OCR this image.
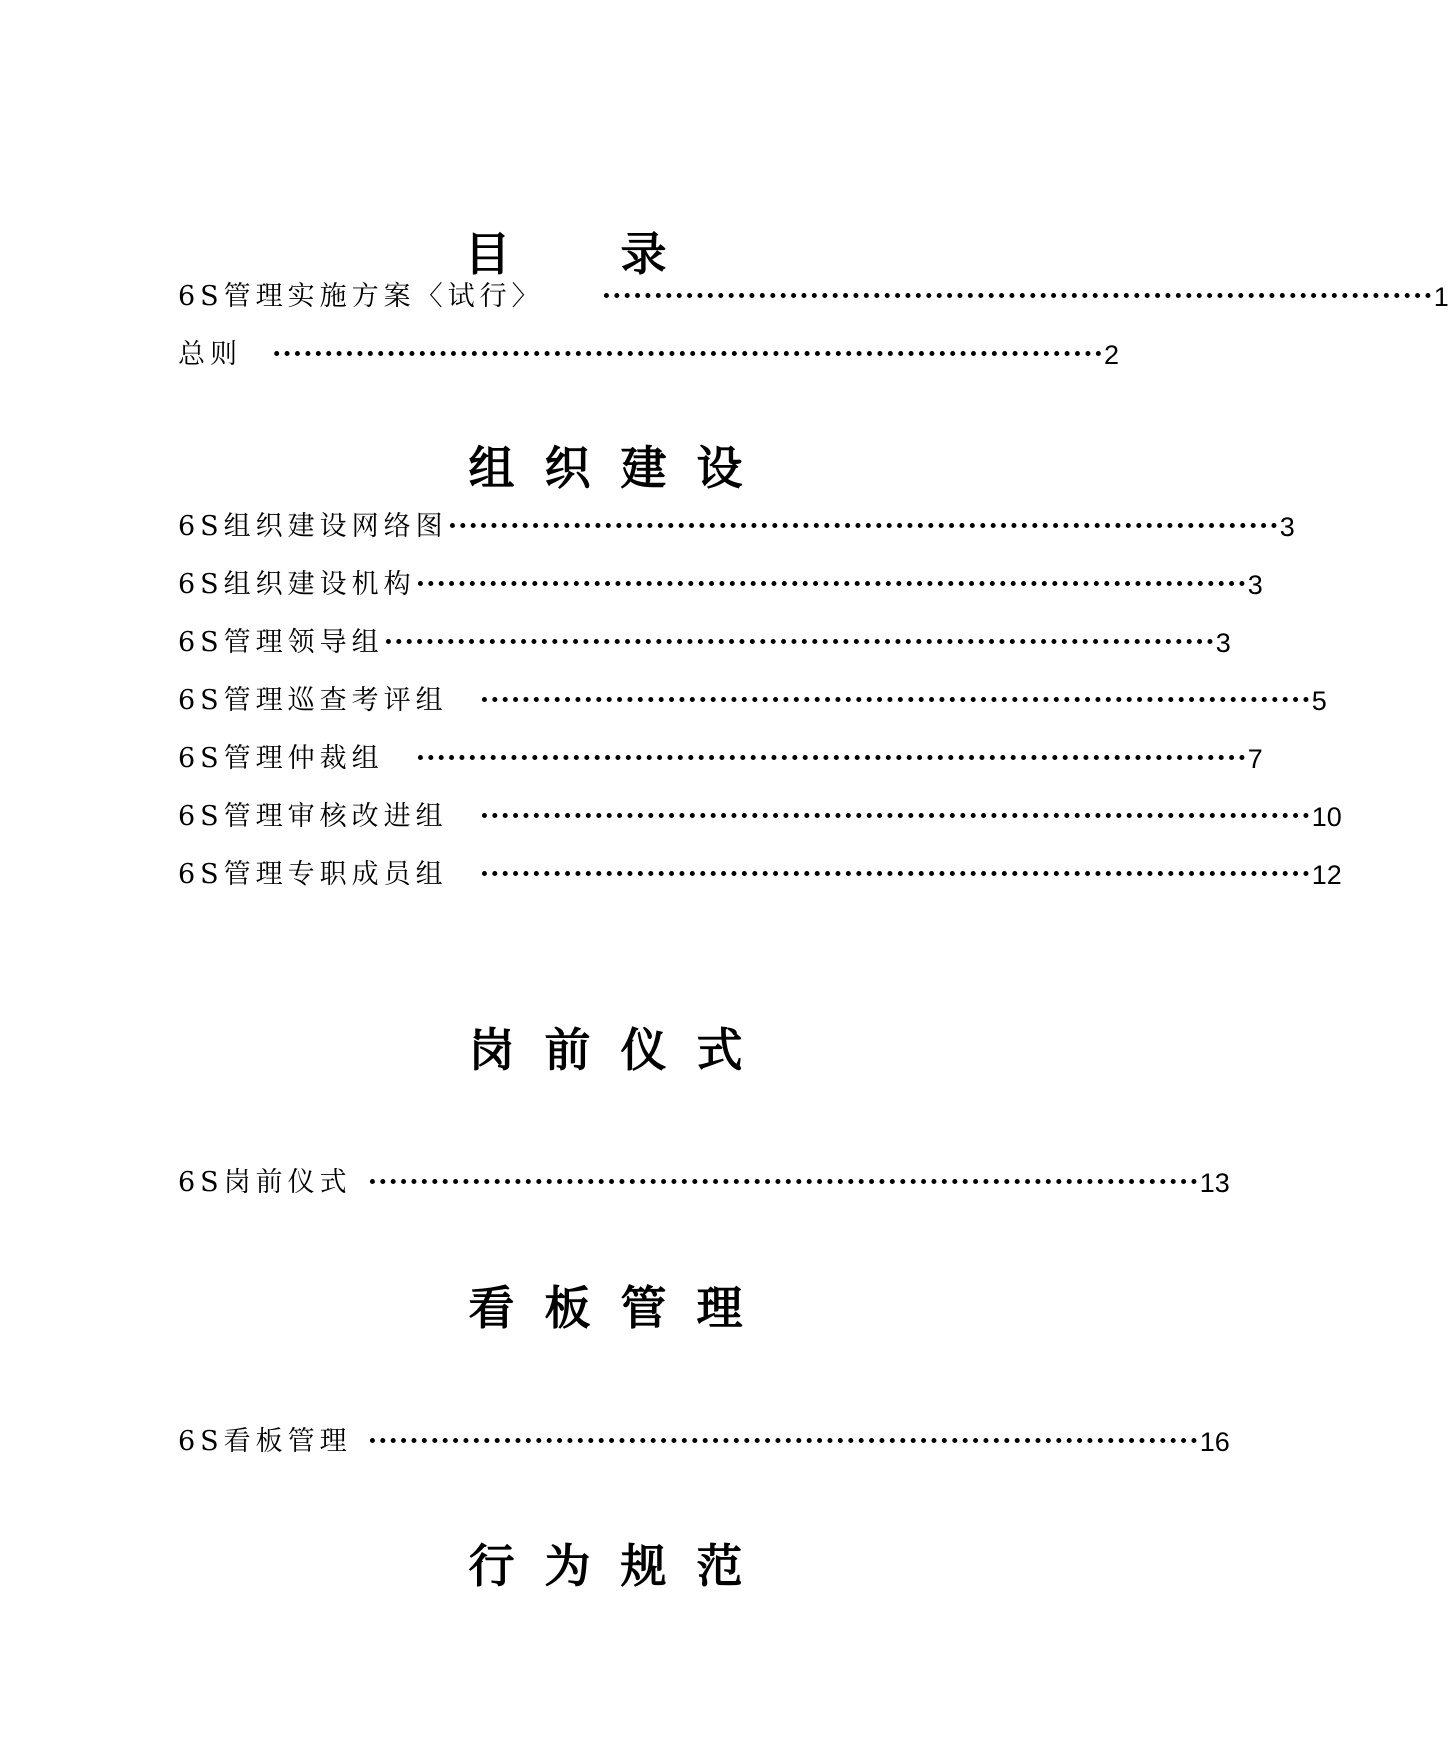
目录
6S管理实施方案〈试行〉 ················································································ 1
总则 ················································································ 2
组织建设
6S组织建设网络图 ················································································ 3
6S组织建设机构 ················································································ 3
6S管理领导组 ················································································ 3
6S管理巡查考评组 ················································································ 5
6S管理仲裁组 ················································································ 7
6S管理审核改进组 ················································································ 10
6S管理专职成员组 ················································································ 12
岗前仪式
6S岗前仪式 ················································································ 13
看板管理
6S看板管理 ················································································ 16
行为规范
